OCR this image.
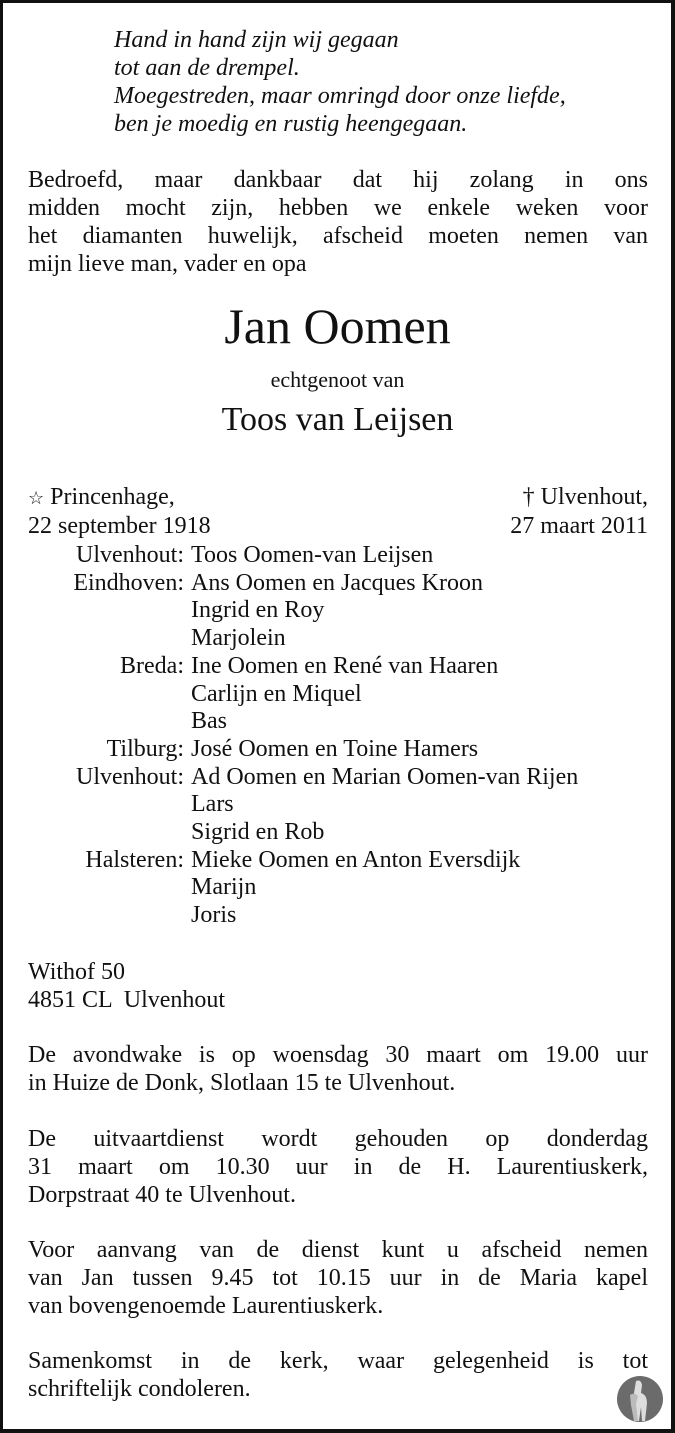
Hand in hand zijn wij gegaan
tot aan de drempel.
Moegestreden, maar omringd door onze liefde,
ben je moedig en rustig heengegaan.
Bedroefd, maar dankbaar dat hij zolang in ons
midden mocht zijn, hebben we enkele weken voor
het diamanten huwelijk, afscheid moeten nemen van
mijn lieve man, vader en opa
Jan Oomen
echtgenoot van
Toos van Leijsen
☆ Princenhage,	† Ulvenhout,
22 september 1918	27 maart 2011
Ulvenhout: Toos Oomen-van Leijsen
Eindhoven: Ans Oomen en Jacques Kroon
Ingrid en Roy
Marjolein
Breda: Ine Oomen en René van Haaren
Carlijn en Miquel
Bas
Tilburg: José Oomen en Toine Hamers
Ulvenhout: Ad Oomen en Marian Oomen-van Rijen
Lars
Sigrid en Rob
Halsteren: Mieke Oomen en Anton Eversdijk
Marijn
Joris
Withof 50
4851 CL  Ulvenhout
De avondwake is op woensdag 30 maart om 19.00 uur
in Huize de Donk, Slotlaan 15 te Ulvenhout.
De uitvaartdienst wordt gehouden op donderdag
31 maart om 10.30 uur in de H. Laurentiuskerk,
Dorpstraat 40 te Ulvenhout.
Voor aanvang van de dienst kunt u afscheid nemen
van Jan tussen 9.45 tot 10.15 uur in de Maria kapel
van bovengenoemde Laurentiuskerk.
Samenkomst in de kerk, waar gelegenheid is tot
schriftelijk condoleren.
